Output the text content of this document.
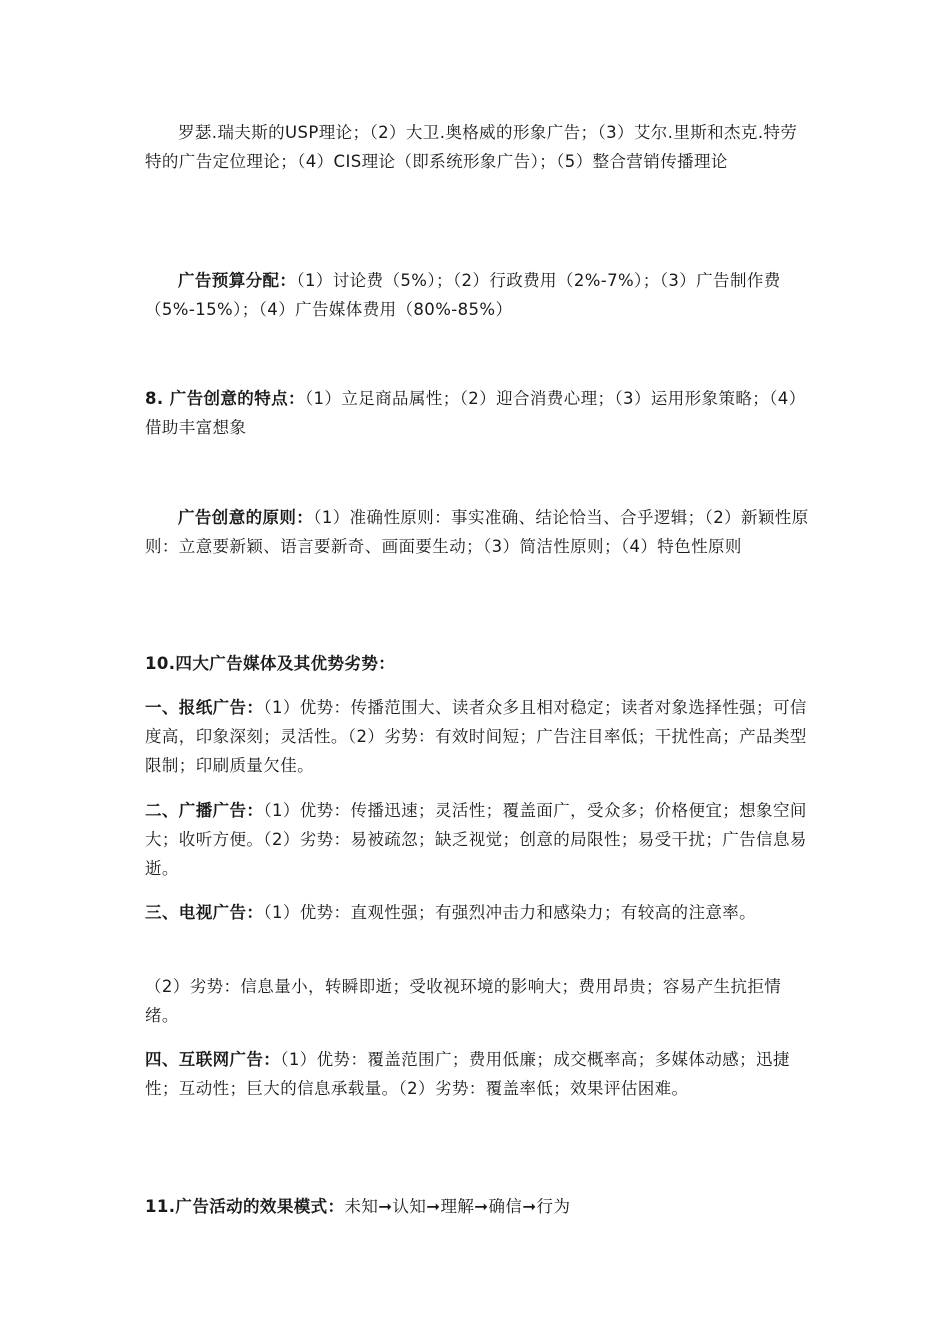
罗瑟.瑞夫斯的USP理论；（2）大卫.奥格威的形象广告；（3）艾尔.里斯和杰克.特劳特的广告定位理论；（4）CIS理论（即系统形象广告）；（5）整合营销传播理论

广告预算分配：（1）讨论费（5%）；（2）行政费用（2%-7%）；（3）广告制作费（5%-15%）；（4）广告媒体费用（80%-85%）

8. 广告创意的特点：（1）立足商品属性；（2）迎合消费心理；（3）运用形象策略；（4）借助丰富想象

广告创意的原则：（1）准确性原则：事实准确、结论恰当、合乎逻辑；（2）新颖性原则：立意要新颖、语言要新奇、画面要生动；（3）简洁性原则；（4）特色性原则

10.四大广告媒体及其优势劣势：

一、报纸广告：（1）优势：传播范围大、读者众多且相对稳定；读者对象选择性强；可信度高，印象深刻；灵活性。（2）劣势：有效时间短；广告注目率低；干扰性高；产品类型限制；印刷质量欠佳。

二、广播广告：（1）优势：传播迅速；灵活性；覆盖面广，受众多；价格便宜；想象空间大；收听方便。（2）劣势：易被疏忽；缺乏视觉；创意的局限性；易受干扰；广告信息易逝。

三、电视广告：（1）优势：直观性强；有强烈冲击力和感染力；有较高的注意率。

（2）劣势：信息量小，转瞬即逝；受收视环境的影响大；费用昂贵；容易产生抗拒情绪。

四、互联网广告：（1）优势：覆盖范围广；费用低廉；成交概率高；多媒体动感；迅捷性；互动性；巨大的信息承载量。（2）劣势：覆盖率低；效果评估困难。

11.广告活动的效果模式：未知➞认知➞理解➞确信➞行为
